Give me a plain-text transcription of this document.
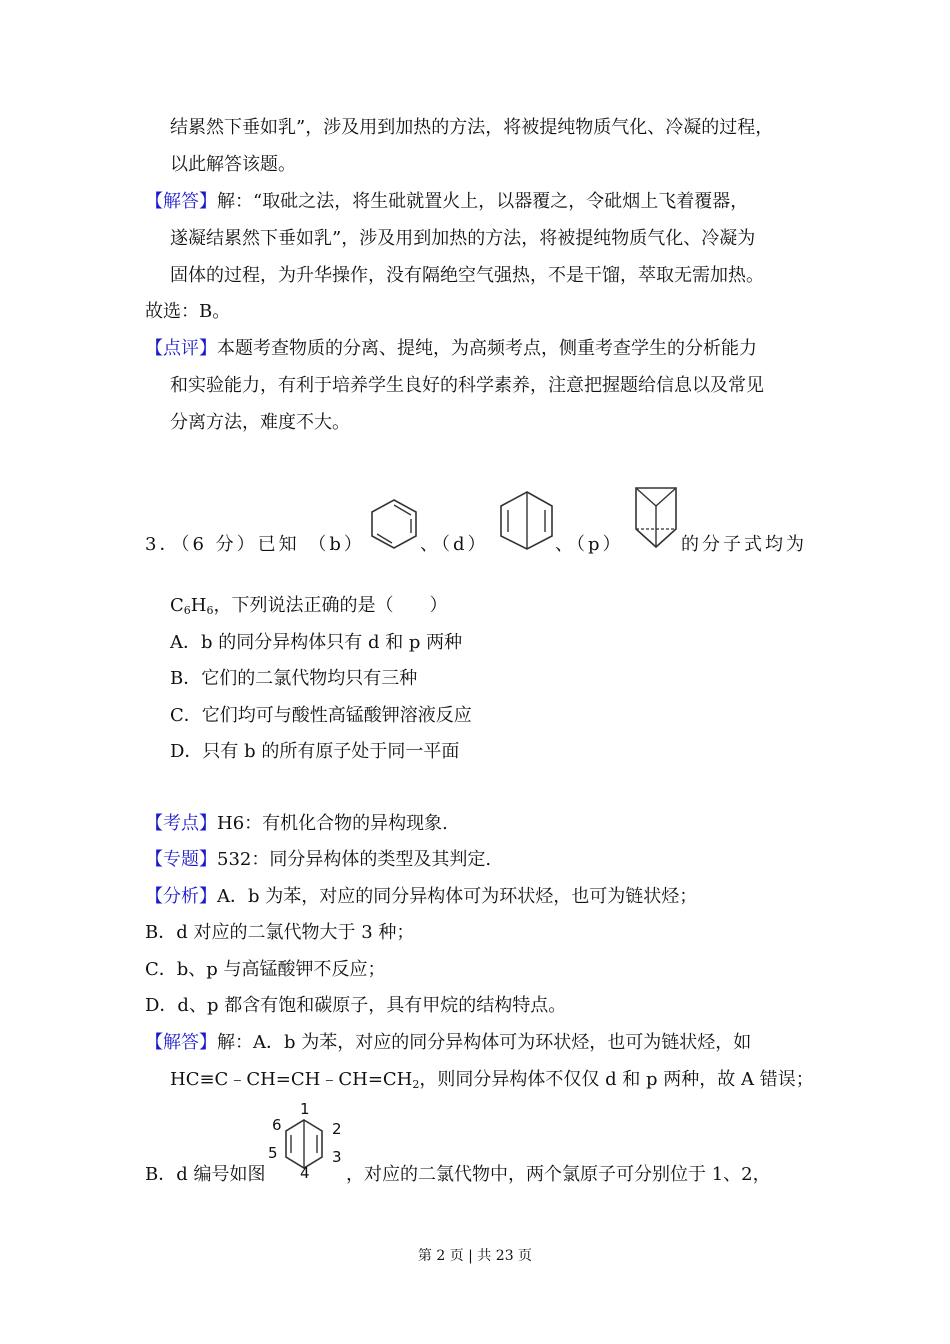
结累然下垂如乳”，涉及用到加热的方法，将被提纯物质气化、冷凝的过程，
以此解答该题。
【解答】解：“取砒之法，将生砒就置火上，以器覆之，令砒烟上飞着覆器，
遂凝结累然下垂如乳”，涉及用到加热的方法，将被提纯物质气化、冷凝为
固体的过程，为升华操作，没有隔绝空气强热，不是干馏，萃取无需加热。
故选：B。
【点评】本题考查物质的分离、提纯，为高频考点，侧重考查学生的分析能力
和实验能力，有利于培养学生良好的科学素养，注意把握题给信息以及常见
分离方法，难度不大。
3．（6 分）已知 （b）	、（d）	、（p）	的分子式均为
$C_6H_6$，下列说法正确的是（　　）
A．b 的同分异构体只有 d 和 p 两种
B．它们的二氯代物均只有三种
C．它们均可与酸性高锰酸钾溶液反应
D．只有 b 的所有原子处于同一平面
【考点】H6：有机化合物的异构现象.
【专题】532：同分异构体的类型及其判定.
【分析】A．b 为苯，对应的同分异构体可为环状烃，也可为链状烃；
B．d 对应的二氯代物大于 3 种；
C．b、p 与高锰酸钾不反应；
D．d、p 都含有饱和碳原子，具有甲烷的结构特点。
【解答】解：A．b 为苯，对应的同分异构体可为环状烃，也可为链状烃，如
$HC\equiv C﹣CH=CH﹣CH=CH_2$，则同分异构体不仅仅 d 和 p 两种，故 A 错误；
B．d 编号如图
1
2
3
4
5
6
，对应的二氯代物中，两个氯原子可分别位于 1、2，
第 2 页 | 共 23 页
